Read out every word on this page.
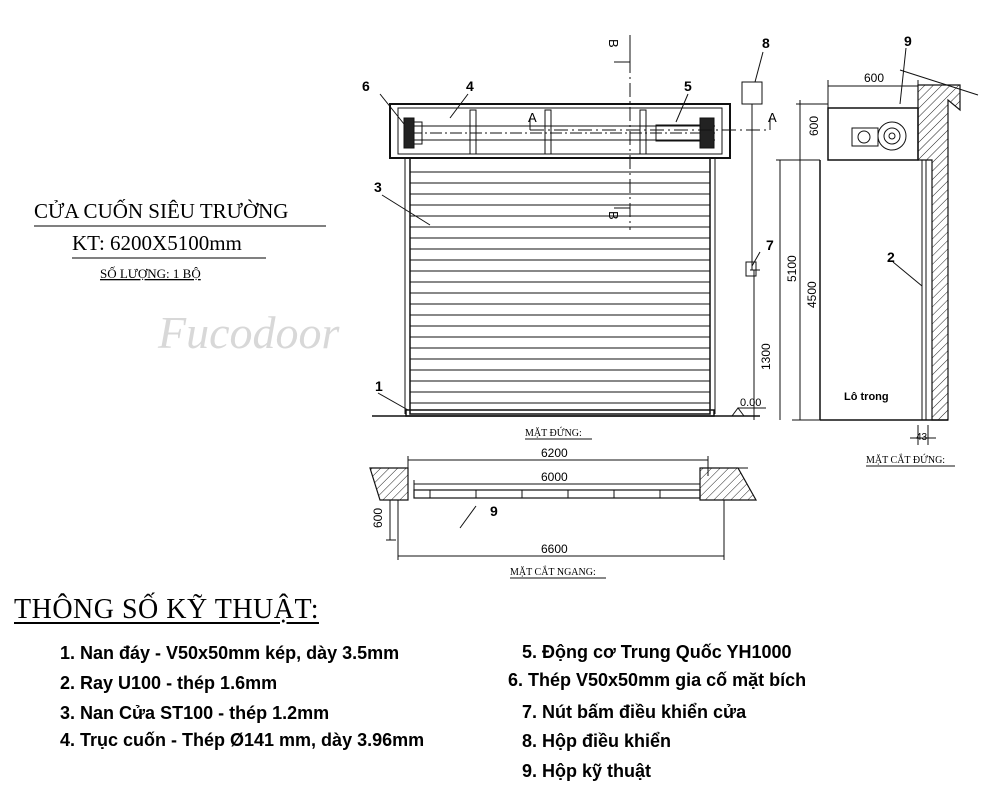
CỬA CUỐN SIÊU TRƯỜNG
KT: 6200X5100mm
SỐ LƯỢNG: 1 BỘ
Fucodoor
MẶT ĐỨNG:
MẶT CẮT ĐỨNG:
MẶT CẮT NGANG:
1
2
3
4	5
6
7
8	9
9
A	A
B
B
600
600
5100
4500
1300
0.00
43
6200
6000
600
6600
Lô trong
THÔNG SỐ KỸ THUẬT:
1. Nan đáy - V50x50mm kép, dày 3.5mm
2. Ray U100 - thép 1.6mm
3. Nan Cửa ST100 - thép 1.2mm
4. Trục cuốn - Thép Ø141 mm, dày 3.96mm
5. Động cơ Trung Quốc YH1000
6. Thép V50x50mm gia cố mặt bích
7. Nút bấm điều khiển cửa
8. Hộp điều khiển
9. Hộp kỹ thuật
